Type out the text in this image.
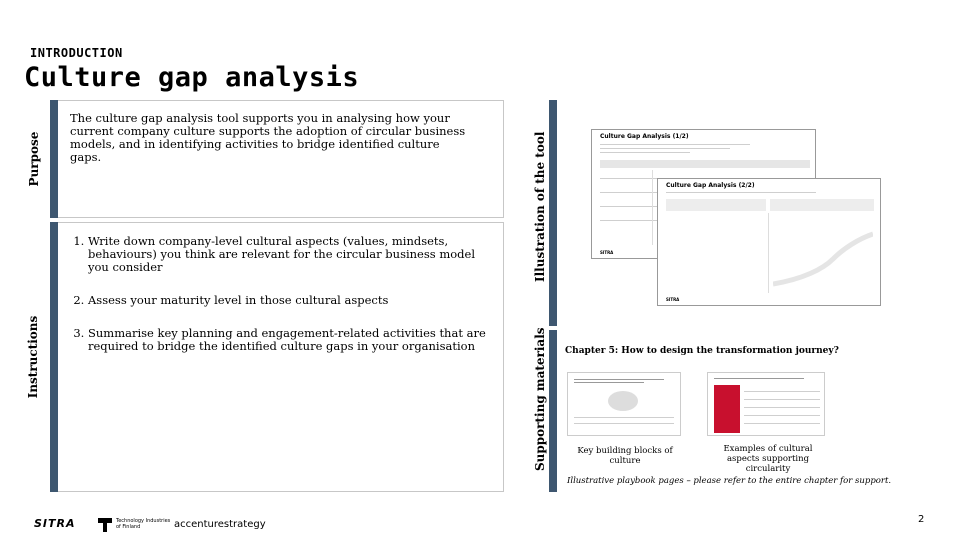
INTRODUCTION
Culture gap analysis
Purpose
The culture gap analysis tool supports you in analysing how your current company culture supports the adoption of circular business models, and in identifying activities to bridge identified culture gaps.
Instructions
1. Write down company-level cultural aspects (values, mindsets, behaviours) you think are relevant for the circular business model you consider
2. Assess your maturity level in those cultural aspects
3. Summarise key planning and engagement-related activities that are required to bridge the identified culture gaps in your organisation
Illustration of the tool	Culture Gap Analysis (1/2)
SITRA
Culture Gap Analysis (2/2)
SITRA
Supporting materials Chapter 5: How to design the transformation journey?
Key building blocks of culture
Examples of cultural aspects supporting circularity
Illustrative playbook pages – please refer to the entire chapter for support.
SITRA	Technology Industries of Finland	accenturestrategy	2
